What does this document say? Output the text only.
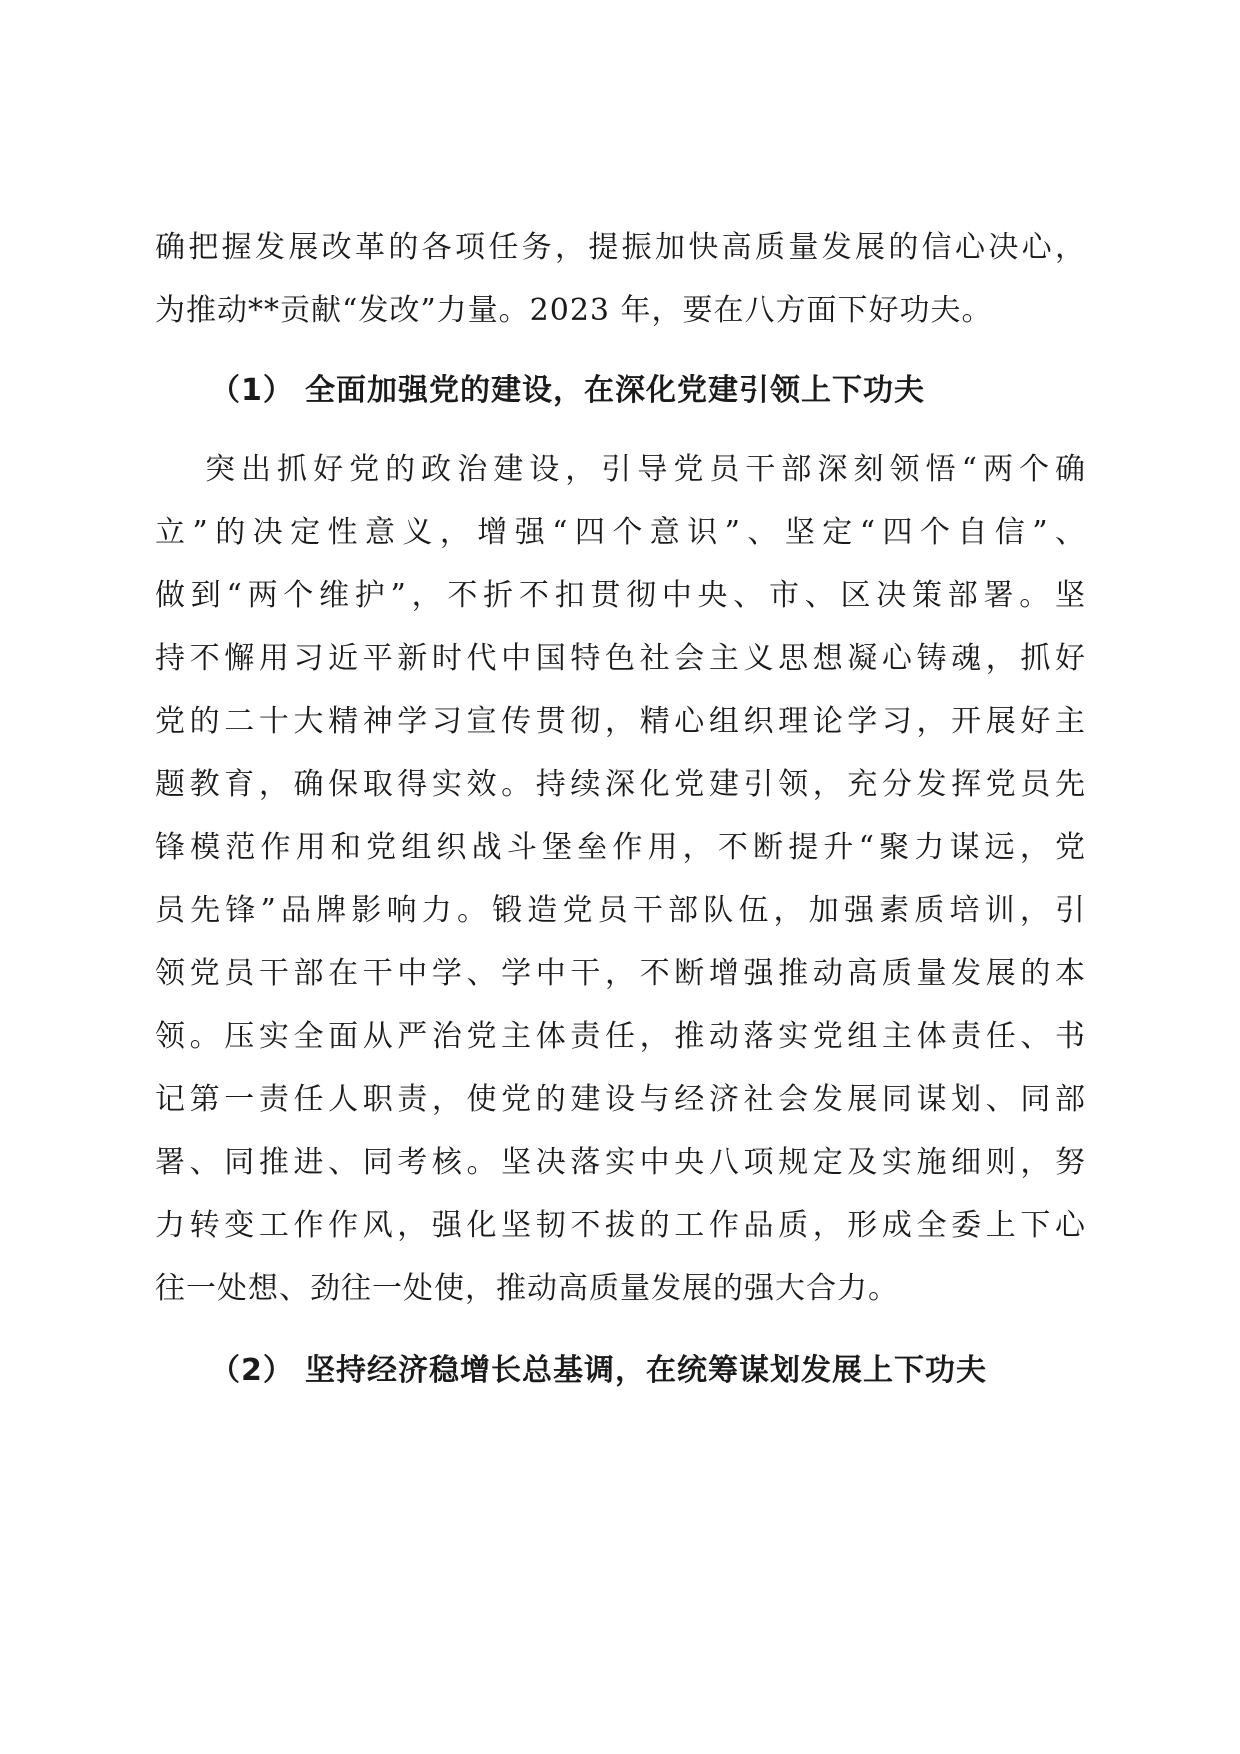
确把握发展改革的各项任务，提振加快高质量发展的信心决心，
为推动**贡献“发改”力量。2023 年，要在八方面下好功夫。
（1） 全面加强党的建设，在深化党建引领上下功夫
突出抓好党的政治建设，引导党员干部深刻领悟“两个确
立”的决定性意义，增强“四个意识”、坚定“四个自信”、
做到“两个维护”，不折不扣贯彻中央、市、区决策部署。坚
持不懈用习近平新时代中国特色社会主义思想凝心铸魂，抓好
党的二十大精神学习宣传贯彻，精心组织理论学习，开展好主
题教育，确保取得实效。持续深化党建引领，充分发挥党员先
锋模范作用和党组织战斗堡垒作用，不断提升“聚力谋远，党
员先锋”品牌影响力。锻造党员干部队伍，加强素质培训，引
领党员干部在干中学、学中干，不断增强推动高质量发展的本
领。压实全面从严治党主体责任，推动落实党组主体责任、书
记第一责任人职责，使党的建设与经济社会发展同谋划、同部
署、同推进、同考核。坚决落实中央八项规定及实施细则，努
力转变工作作风，强化坚韧不拔的工作品质，形成全委上下心
往一处想、劲往一处使，推动高质量发展的强大合力。
（2） 坚持经济稳增长总基调，在统筹谋划发展上下功夫
